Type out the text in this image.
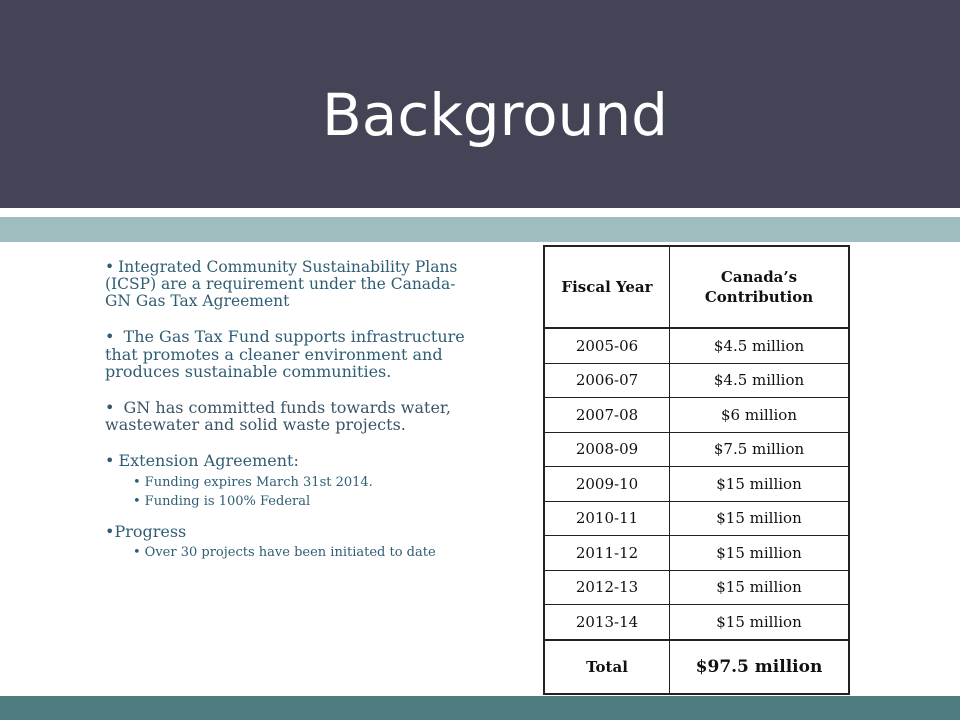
Background

• Integrated Community Sustainability Plans (ICSP) are a requirement under the Canada-GN Gas Tax Agreement

• The Gas Tax Fund supports infrastructure that promotes a cleaner environment and produces sustainable communities.

• GN has committed funds towards water, wastewater and solid waste projects.

• Extension Agreement:

• Funding expires March 31st 2014.

• Funding is 100% Federal

•Progress

• Over 30 projects have been initiated to date

Fiscal Year	Canada’s Contribution
2005-06	$4.5 million
2006-07	$4.5 million
2007-08	$6 million
2008-09	$7.5 million
2009-10	$15 million
2010-11	$15 million
2011-12	$15 million
2012-13	$15 million
2013-14	$15 million
Total	$97.5 million
